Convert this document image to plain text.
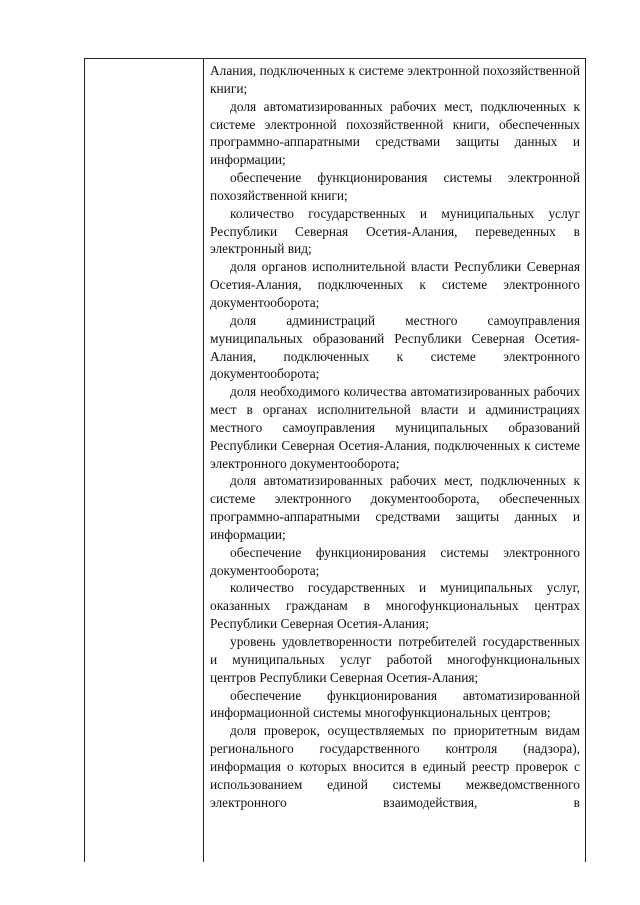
Алания, подключенных к системе электронной похозяйственной книги;

доля автоматизированных рабочих мест, подключенных к системе электронной похозяйственной книги, обеспеченных программно-аппаратными средствами защиты данных и информации;

обеспечение функционирования системы электронной похозяйственной книги;

количество государственных и муниципальных услуг Республики Северная Осетия-Алания, переведенных в электронный вид;

доля органов исполнительной власти Республики Северная Осетия-Алания, подключенных к системе электронного документооборота;

доля администраций местного самоуправления муниципальных образований Республики Северная Осетия-Алания, подключенных к системе электронного документооборота;

доля необходимого количества автоматизированных рабочих мест в органах исполнительной власти и администрациях местного самоуправления муниципальных образований Республики Северная Осетия-Алания, подключенных к системе электронного документооборота;

доля автоматизированных рабочих мест, подключенных к системе электронного документооборота, обеспеченных программно-аппаратными средствами защиты данных и информации;

обеспечение функционирования системы электронного документооборота;

количество государственных и муниципальных услуг, оказанных гражданам в многофункциональных центрах Республики Северная Осетия-Алания;

уровень удовлетворенности потребителей государственных и муниципальных услуг работой многофункциональных центров Республики Северная Осетия-Алания;

обеспечение функционирования автоматизированной информационной системы многофункциональных центров;

доля проверок, осуществляемых по приоритетным видам регионального государственного контроля (надзора), информация о которых вносится в единый реестр проверок с использованием единой системы межведомственного электронного взаимодействия, в
